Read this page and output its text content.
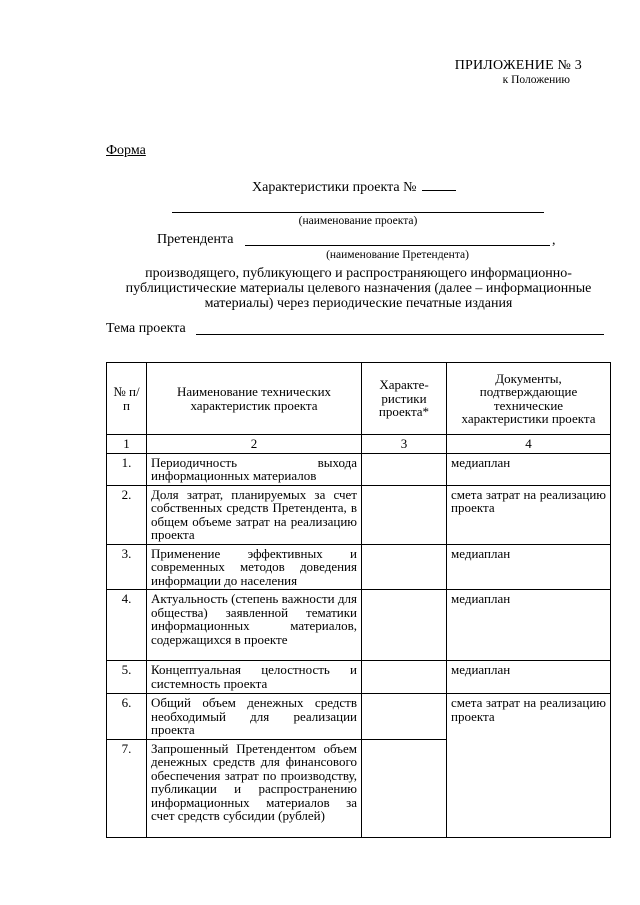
ПРИЛОЖЕНИЕ № 3
к Положению
Форма
Характеристики проекта №
(наименование проекта)
Претендента	,
(наименование Претендента)
производящего, публикующего и распространяющего информационно-публицистические материалы целевого назначения (далее – информационные материалы) через периодические печатные издания
Тема проекта
№ п/п	Наименование технических характеристик проекта	Характе-ристики проекта*	Документы, подтверждающие технические характеристики проекта
1	2	3	4
1.	Периодичность выхода информационных материалов		медиаплан
2.	Доля затрат, планируемых за счет собственных средств Претендента, в общем объеме затрат на реализацию проекта		смета затрат на реализацию проекта
3.	Применение эффективных и современных методов доведения информации до населения		медиаплан
4.	Актуальность (степень важности для общества) заявленной тематики информационных материалов, содержащихся в проекте		медиаплан
5.	Концептуальная целостность и системность проекта		медиаплан
6.	Общий объем денежных средств необходимый для реализации проекта		смета затрат на реализацию проекта
7.	Запрошенный Претендентом объем денежных средств для финансового обеспечения затрат по производству, публикации и распространению информационных материалов за счет средств субсидии (рублей)		
